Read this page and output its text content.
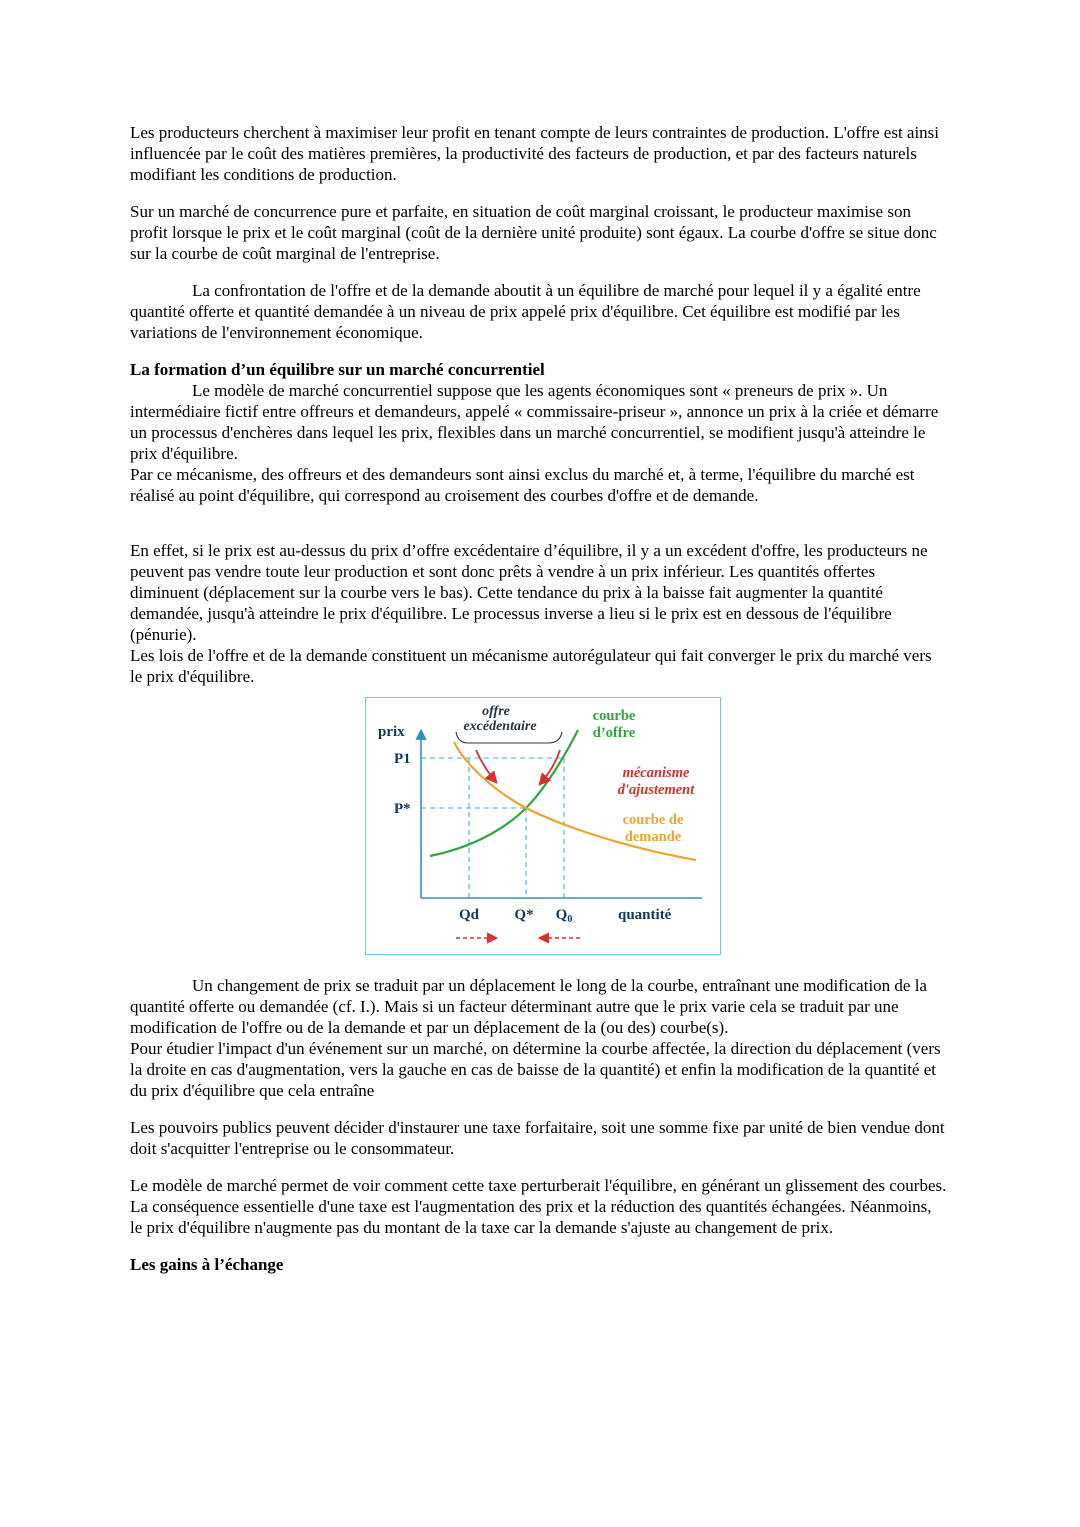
Les producteurs cherchent à maximiser leur profit en tenant compte de leurs contraintes de production. L'offre est ainsi influencée par le coût des matières premières, la productivité des facteurs de production, et par des facteurs naturels modifiant les conditions de production.

Sur un marché de concurrence pure et parfaite, en situation de coût marginal croissant, le producteur maximise son profit lorsque le prix et le coût marginal (coût de la dernière unité produite) sont égaux. La courbe d'offre se situe donc sur la courbe de coût marginal de l'entreprise.

La confrontation de l'offre et de la demande aboutit à un équilibre de marché pour lequel il y a égalité entre quantité offerte et quantité demandée à un niveau de prix appelé prix d'équilibre. Cet équilibre est modifié par les variations de l'environnement économique.

La formation d’un équilibre sur un marché concurrentiel

Le modèle de marché concurrentiel suppose que les agents économiques sont « preneurs de prix ». Un intermédiaire fictif entre offreurs et demandeurs, appelé « commissaire-priseur », annonce un prix à la criée et démarre un processus d'enchères dans lequel les prix, flexibles dans un marché concurrentiel, se modifient jusqu'à atteindre le prix d'équilibre.

Par ce mécanisme, des offreurs et des demandeurs sont ainsi exclus du marché et, à terme, l'équilibre du marché est réalisé au point d'équilibre, qui correspond au croisement des courbes d'offre et de demande.

En effet, si le prix est au-dessus du prix d’offre excédentaire d’équilibre, il y a un excédent d'offre, les producteurs ne peuvent pas vendre toute leur production et sont donc prêts à vendre à un prix inférieur. Les quantités offertes diminuent (déplacement sur la courbe vers le bas). Cette tendance du prix à la baisse fait augmenter la quantité demandée, jusqu'à atteindre le prix d'équilibre. Le processus inverse a lieu si le prix est en dessous de l'équilibre (pénurie).

Les lois de l'offre et de la demande constituent un mécanisme autorégulateur qui fait converger le prix du marché vers le prix d'équilibre.

prix
offre
excédentaire
courbe
d’offre
P1
mécanisme
d'ajustement
P*
courbe de
demande
Qd Q* $Q_0$	quantité

Un changement de prix se traduit par un déplacement le long de la courbe, entraînant une modification de la quantité offerte ou demandée (cf. I.). Mais si un facteur déterminant autre que le prix varie cela se traduit par une modification de l'offre ou de la demande et par un déplacement de la (ou des) courbe(s).

Pour étudier l'impact d'un événement sur un marché, on détermine la courbe affectée, la direction du déplacement (vers la droite en cas d'augmentation, vers la gauche en cas de baisse de la quantité) et enfin la modification de la quantité et du prix d'équilibre que cela entraîne

Les pouvoirs publics peuvent décider d'instaurer une taxe forfaitaire, soit une somme fixe par unité de bien vendue dont doit s'acquitter l'entreprise ou le consommateur.

Le modèle de marché permet de voir comment cette taxe perturberait l'équilibre, en générant un glissement des courbes. La conséquence essentielle d'une taxe est l'augmentation des prix et la réduction des quantités échangées. Néanmoins, le prix d'équilibre n'augmente pas du montant de la taxe car la demande s'ajuste au changement de prix.

Les gains à l’échange
